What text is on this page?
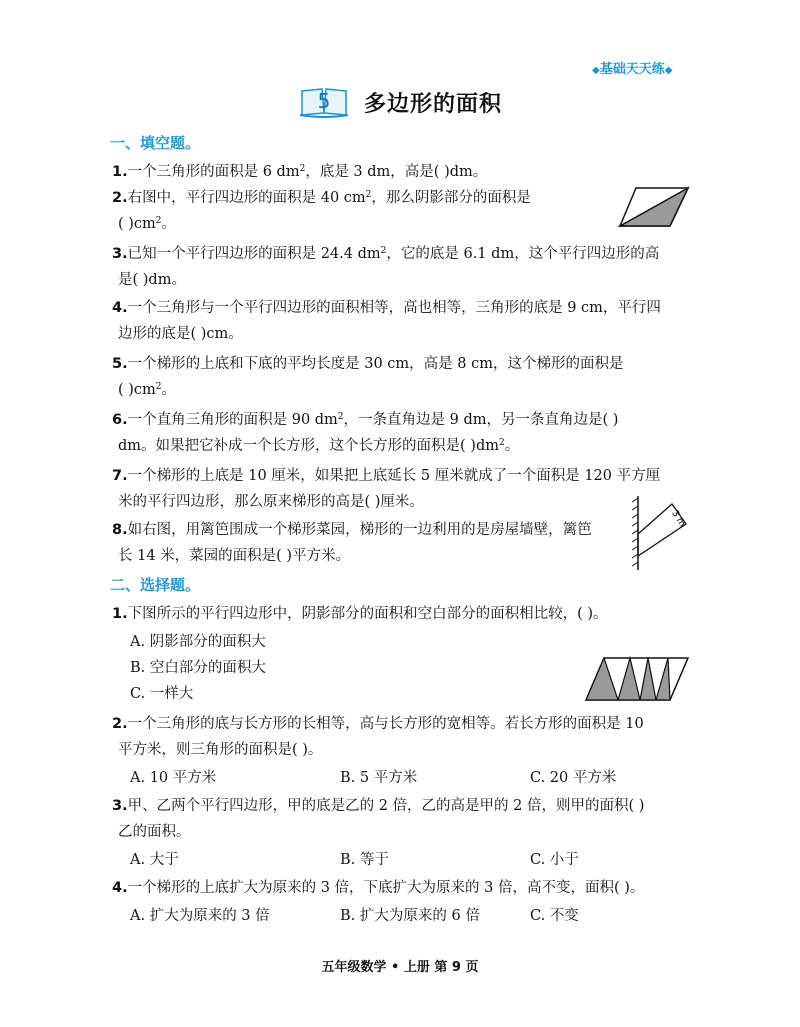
◆基础天天练◆
5	多边形的面积
一、填空题。
1.一个三角形的面积是 6 $dm^2$，底是 3 dm，高是( )dm。
2.右图中，平行四边形的面积是 40 $cm^2$，那么阴影部分的面积是
( )$cm^2$。
3.已知一个平行四边形的面积是 24.4 $dm^2$，它的底是 6.1 dm，这个平行四边形的高
是( )dm。
4.一个三角形与一个平行四边形的面积相等，高也相等，三角形的底是 9 cm，平行四
边形的底是( )cm。
5.一个梯形的上底和下底的平均长度是 30 cm，高是 8 cm，这个梯形的面积是
( )$cm^2$。
6.一个直角三角形的面积是 90 $dm^2$，一条直角边是 9 dm，另一条直角边是( )
dm。如果把它补成一个长方形，这个长方形的面积是( )$dm^2$。
7.一个梯形的上底是 10 厘米，如果把上底延长 5 厘米就成了一个面积是 120 平方厘
米的平行四边形，那么原来梯形的高是( )厘米。
8.如右图，用篱笆围成一个梯形菜园，梯形的一边利用的是房屋墙壁，篱笆
长 14 米，菜园的面积是( )平方米。
3 m
二、选择题。
1.下图所示的平行四边形中，阴影部分的面积和空白部分的面积相比较，( )。
A. 阴影部分的面积大
B. 空白部分的面积大
C. 一样大
2.一个三角形的底与长方形的长相等，高与长方形的宽相等。若长方形的面积是 10
平方米，则三角形的面积是( )。
A. 10 平方米	B. 5 平方米	C. 20 平方米
3.甲、乙两个平行四边形，甲的底是乙的 2 倍，乙的高是甲的 2 倍，则甲的面积( )
乙的面积。
A. 大于	B. 等于	C. 小于
4.一个梯形的上底扩大为原来的 3 倍，下底扩大为原来的 3 倍，高不变，面积( )。
A. 扩大为原来的 3 倍	B. 扩大为原来的 6 倍	C. 不变
五年级数学 • 上册 第 9 页
